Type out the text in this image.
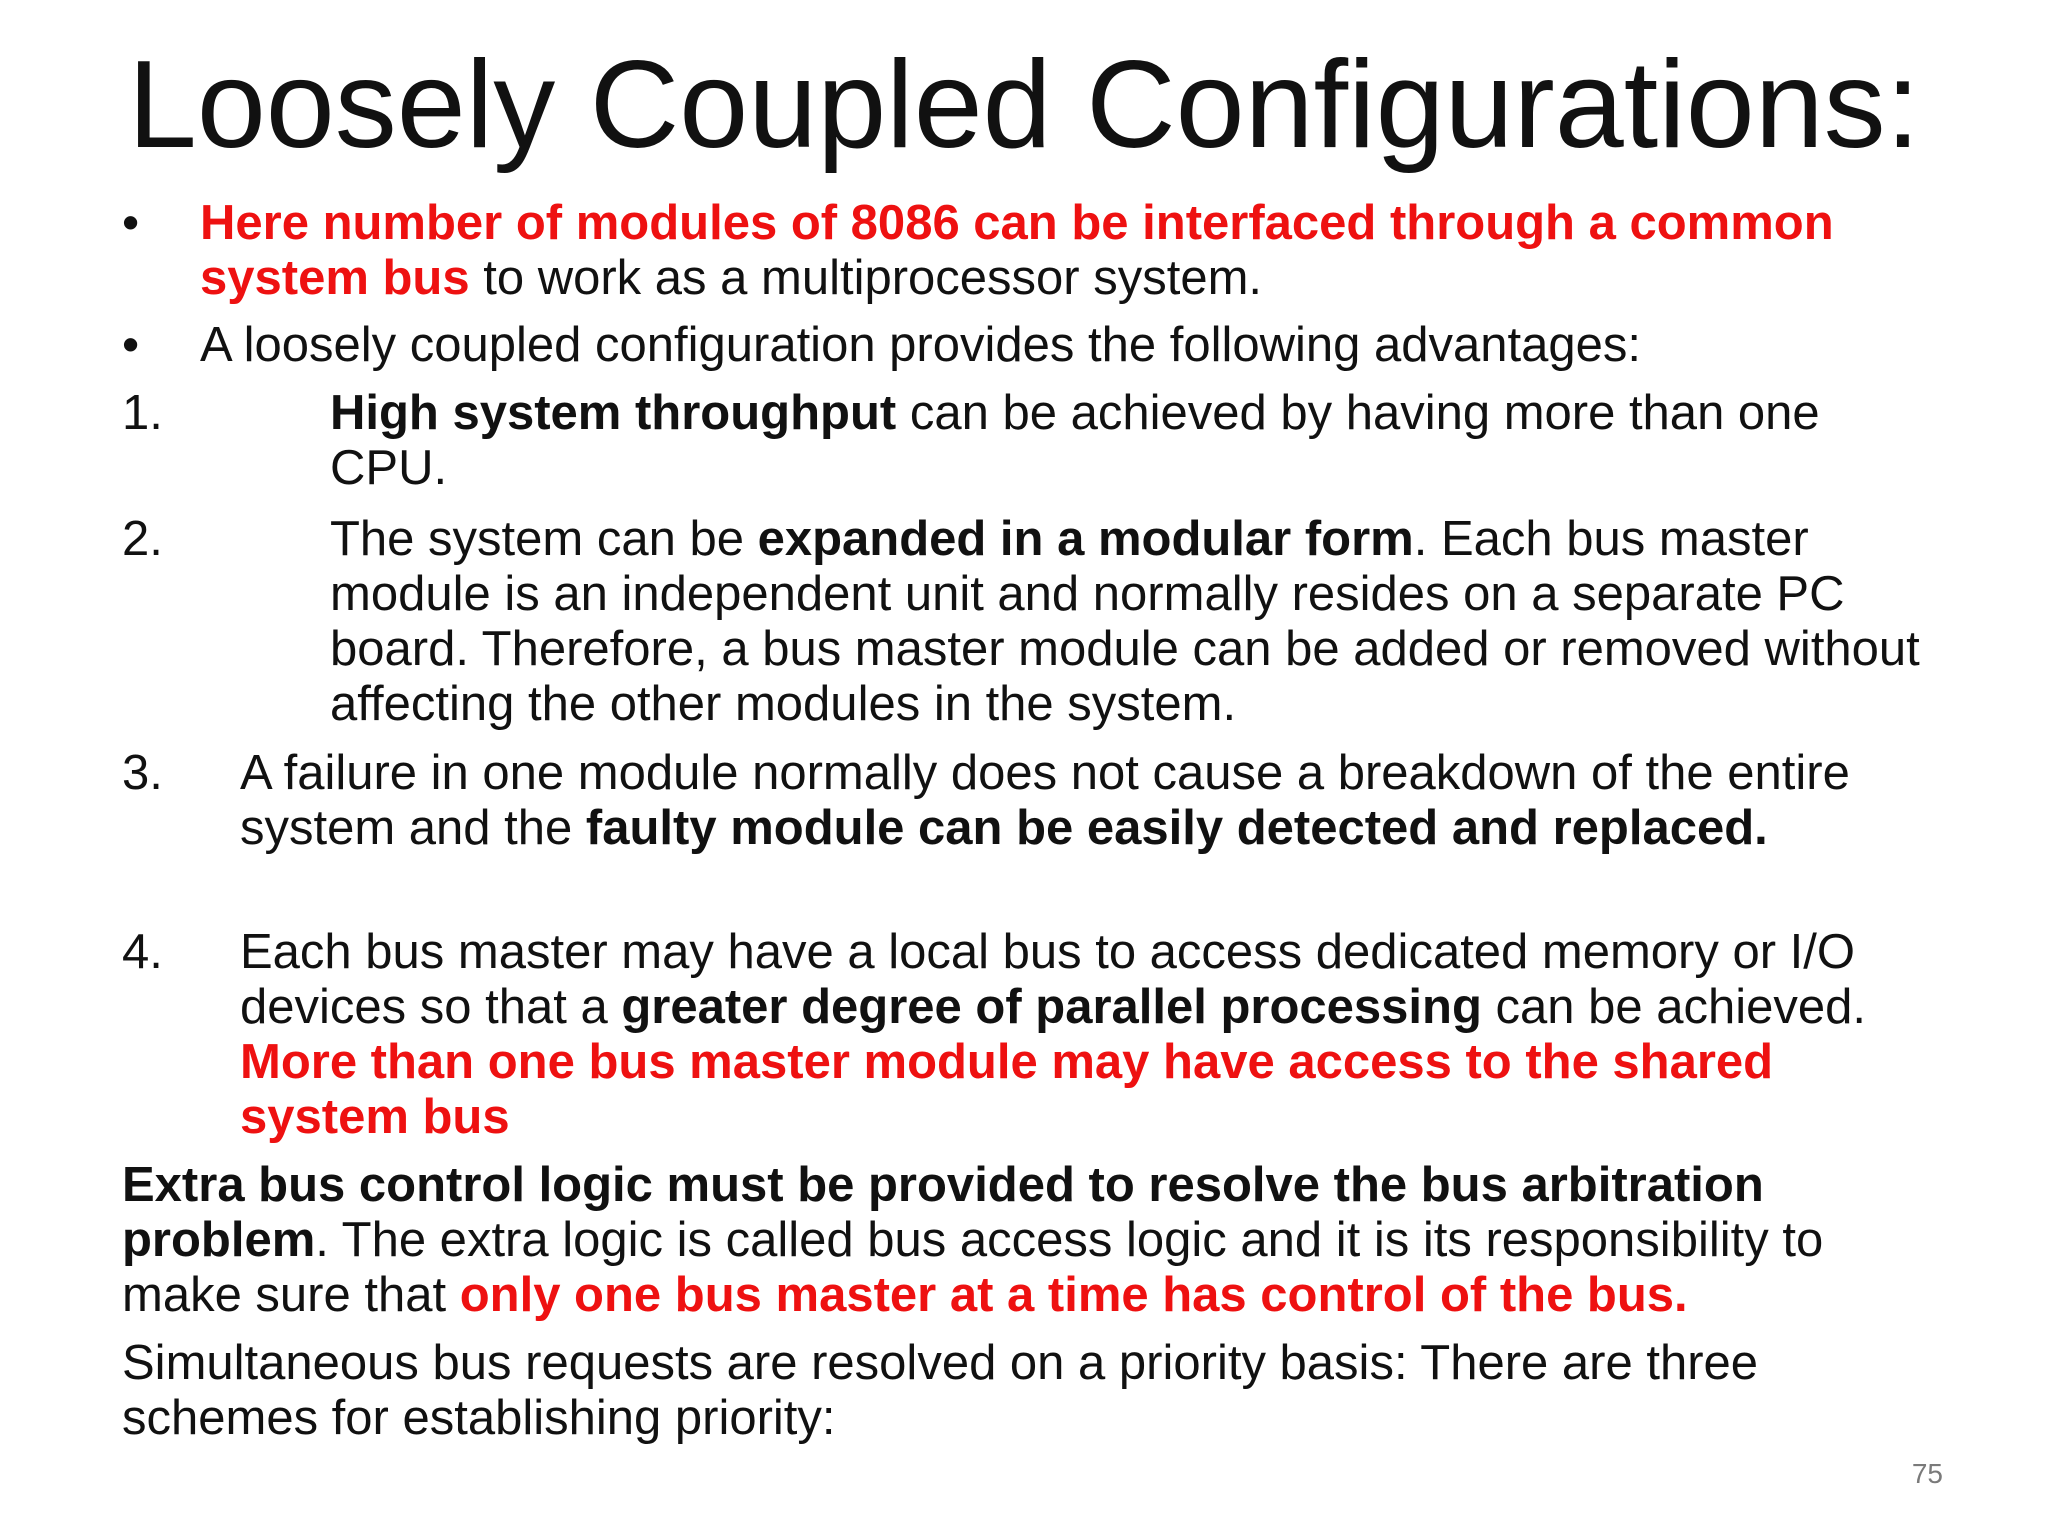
Loosely Coupled Configurations:
• Here number of modules of 8086 can be interfaced through a common system bus to work as a multiprocessor system.

• A loosely coupled configuration provides the following advantages:

1.	High system throughput can be achieved by having more than one CPU.

2.	The system can be expanded in a modular form. Each bus master module is an independent unit and normally resides on a separate PC board. Therefore, a bus master module can be added or removed without affecting the other modules in the system.

3. A failure in one module normally does not cause a breakdown of the entire system and the faulty module can be easily detected and replaced.

4. Each bus master may have a local bus to access dedicated memory or I/O devices so that a greater degree of parallel processing can be achieved. More than one bus master module may have access to the shared system bus

Extra bus control logic must be provided to resolve the bus arbitration problem. The extra logic is called bus access logic and it is its responsibility to make sure that only one bus master at a time has control of the bus.

Simultaneous bus requests are resolved on a priority basis: There are three schemes for establishing priority:

75
